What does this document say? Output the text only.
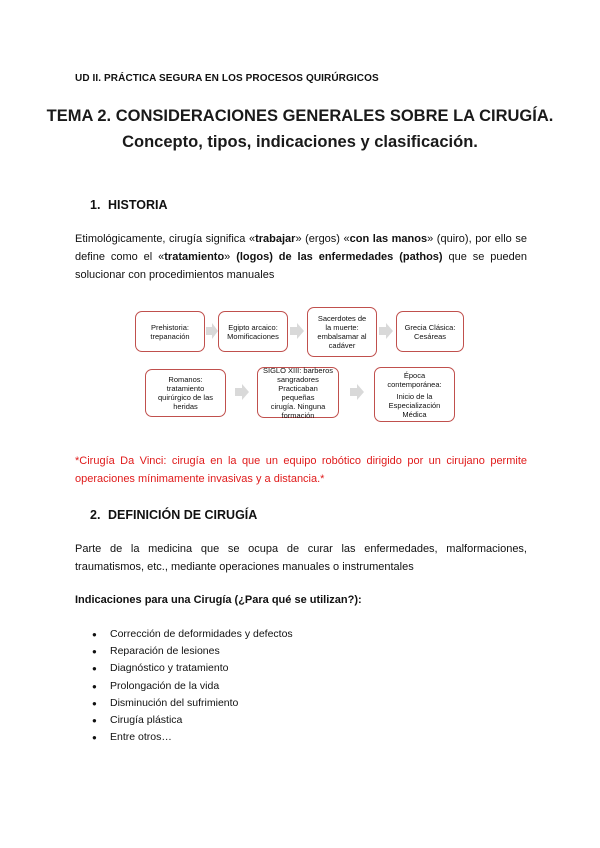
UD II. PRÁCTICA SEGURA EN LOS PROCESOS QUIRÚRGICOS
TEMA 2. CONSIDERACIONES GENERALES SOBRE LA CIRUGÍA.
Concepto, tipos, indicaciones y clasificación.
1. HISTORIA
Etimológicamente, cirugía significa «trabajar» (ergos) «con las manos» (quiro), por ello se define como el «tratamiento» (logos) de las enfermedades (pathos) que se pueden solucionar con procedimientos manuales
Prehistoria:
trepanación
Egipto arcaico:
Momificaciones
Sacerdotes de
la muerte:
embalsamar al
cadáver
Grecia Clásica:
Cesáreas
Romanos: tratamiento
quirúrgico de las
heridas
SIGLO XIII: barberos
sangradores
Practicaban pequeñas
cirugía. Ninguna
formación
Época
contemporánea:
Inicio de la
Especialización
Médica
*Cirugía Da Vinci: cirugía en la que un equipo robótico dirigido por un cirujano permite operaciones mínimamente invasivas y a distancia.*
2. DEFINICIÓN DE CIRUGÍA
Parte de la medicina que se ocupa de curar las enfermedades, malformaciones, traumatismos, etc., mediante operaciones manuales o instrumentales
Indicaciones para una Cirugía (¿Para qué se utilizan?):
● Corrección de deformidades y defectos
● Reparación de lesiones
● Diagnóstico y tratamiento
● Prolongación de la vida
● Disminución del sufrimiento
● Cirugía plástica
● Entre otros…
